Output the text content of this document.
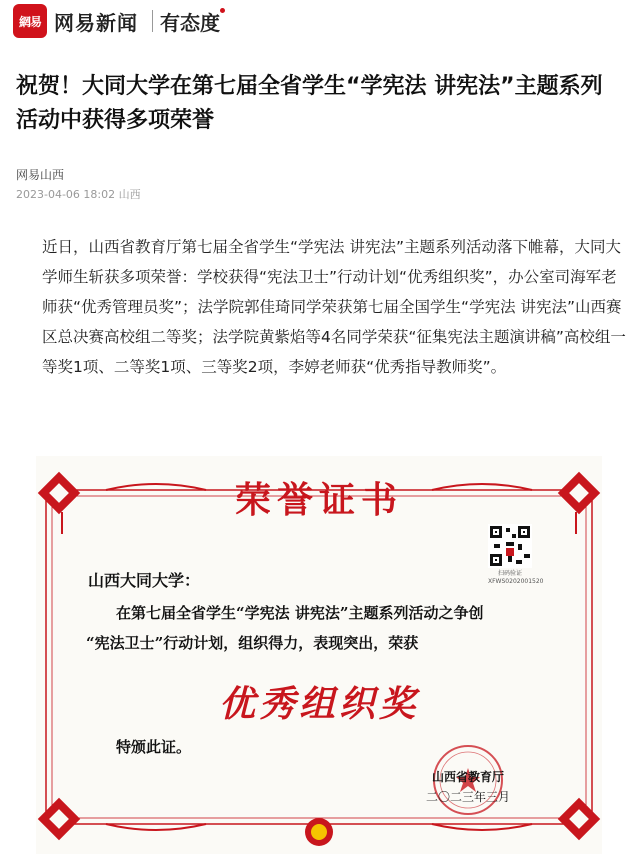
網易 网易新闻 有态度
祝贺！大同大学在第七届全省学生“学宪法 讲宪法”主题系列活动中获得多项荣誉
网易山西
2023-04-06 18:02 山西

近日，山西省教育厅第七届全省学生“学宪法 讲宪法”主题系列活动落下帷幕，大同大学师生斩获多项荣誉：学校获得“宪法卫士”行动计划“优秀组织奖”，办公室司海军老师获“优秀管理员奖”；法学院郭佳琦同学荣获第七届全国学生“学宪法 讲宪法”山西赛区总决赛高校组二等奖；法学院黄紫焰等4名同学荣获“征集宪法主题演讲稿”高校组一等奖1项、二等奖1项、三等奖2项，李婷老师获“优秀指导教师奖”。

荣誉证书
扫码验证
XFWS0202001520
山西大同大学：
在第七届全省学生“学宪法 讲宪法”主题系列活动之争创
“宪法卫士”行动计划，组织得力，表现突出，荣获
优秀组织奖
特颁此证。
山西省教育厅
二〇二三年三月
